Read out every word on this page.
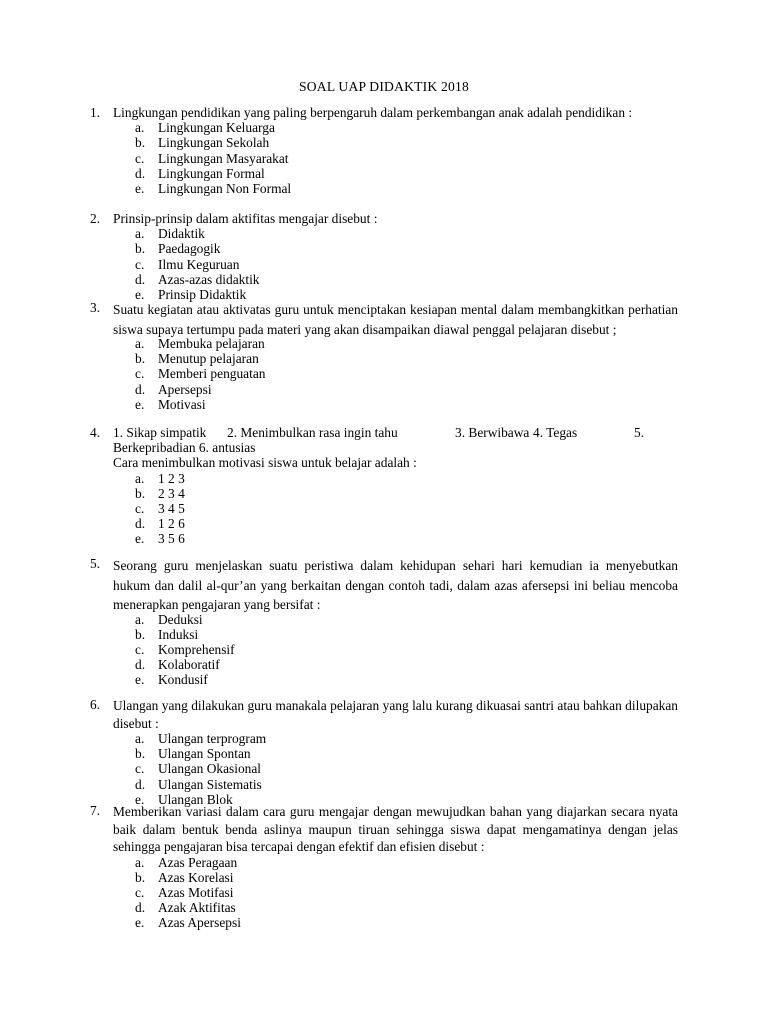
SOAL UAP DIDAKTIK 2018
1. Lingkungan pendidikan yang paling berpengaruh dalam perkembangan anak adalah pendidikan :
a. Lingkungan Keluarga
b. Lingkungan Sekolah
c. Lingkungan Masyarakat
d. Lingkungan Formal
e. Lingkungan Non Formal
2. Prinsip-prinsip dalam aktifitas mengajar disebut :
a. Didaktik
b. Paedagogik
c. Ilmu Keguruan
d. Azas-azas didaktik
e. Prinsip Didaktik
3. Suatu kegiatan atau aktivatas guru untuk menciptakan kesiapan mental dalam membangkitkan perhatian siswa supaya tertumpu pada materi yang akan disampaikan diawal penggal pelajaran disebut ;
a. Membuka pelajaran
b. Menutup pelajaran
c. Memberi penguatan
d. Apersepsi
e. Motivasi
4. 1. Sikap simpatik 2. Menimbulkan rasa ingin tahu	3. Berwibawa 4. Tegas	5.
Berkepribadian 6. antusias
Cara menimbulkan motivasi siswa untuk belajar adalah :
a. 1 2 3
b. 2 3 4
c. 3 4 5
d. 1 2 6
e. 3 5 6
5. Seorang guru menjelaskan suatu peristiwa dalam kehidupan sehari hari kemudian ia menyebutkan hukum dan dalil al-qur’an yang berkaitan dengan contoh tadi, dalam azas afersepsi ini beliau mencoba menerapkan pengajaran yang bersifat :
a. Deduksi
b. Induksi
c. Komprehensif
d. Kolaboratif
e. Kondusif
6. Ulangan yang dilakukan guru manakala pelajaran yang lalu kurang dikuasai santri atau bahkan dilupakan disebut :
a. Ulangan terprogram
b. Ulangan Spontan
c. Ulangan Okasional
d. Ulangan Sistematis
e. Ulangan Blok
7. Memberikan variasi dalam cara guru mengajar dengan mewujudkan bahan yang diajarkan secara nyata baik dalam bentuk benda aslinya maupun tiruan sehingga siswa dapat mengamatinya dengan jelas sehingga pengajaran bisa tercapai dengan efektif dan efisien disebut :
a. Azas Peragaan
b. Azas Korelasi
c. Azas Motifasi
d. Azak Aktifitas
e. Azas Apersepsi
